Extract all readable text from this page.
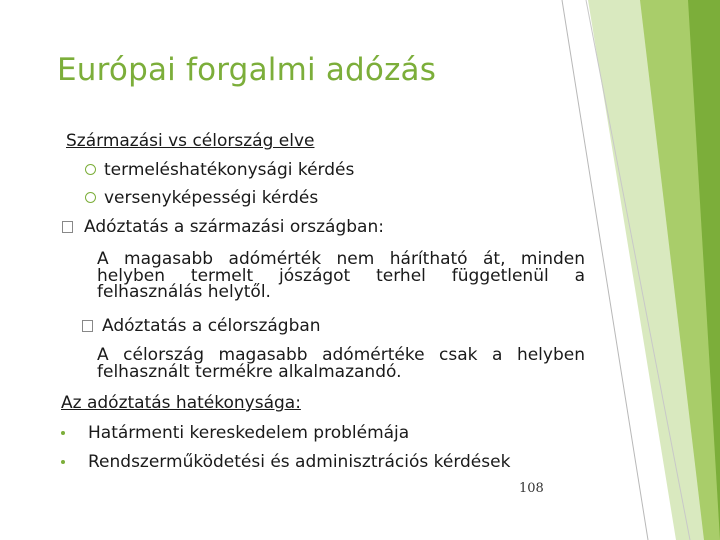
Európai forgalmi adózás
Származási vs célország elve
termeléshatékonysági kérdés
versenyképességi kérdés
Adóztatás a származási országban:
A magasabb adómérték nem hárítható át, minden helyben termelt jószágot terhel függetlenül a felhasználás helytől.
Adóztatás a célországban
A célország magasabb adómértéke csak a helyben felhasznált termékre alkalmazandó.
Az adóztatás hatékonysága:
Határmenti kereskedelem problémája
Rendszerműködetési és adminisztrációs kérdések
108
